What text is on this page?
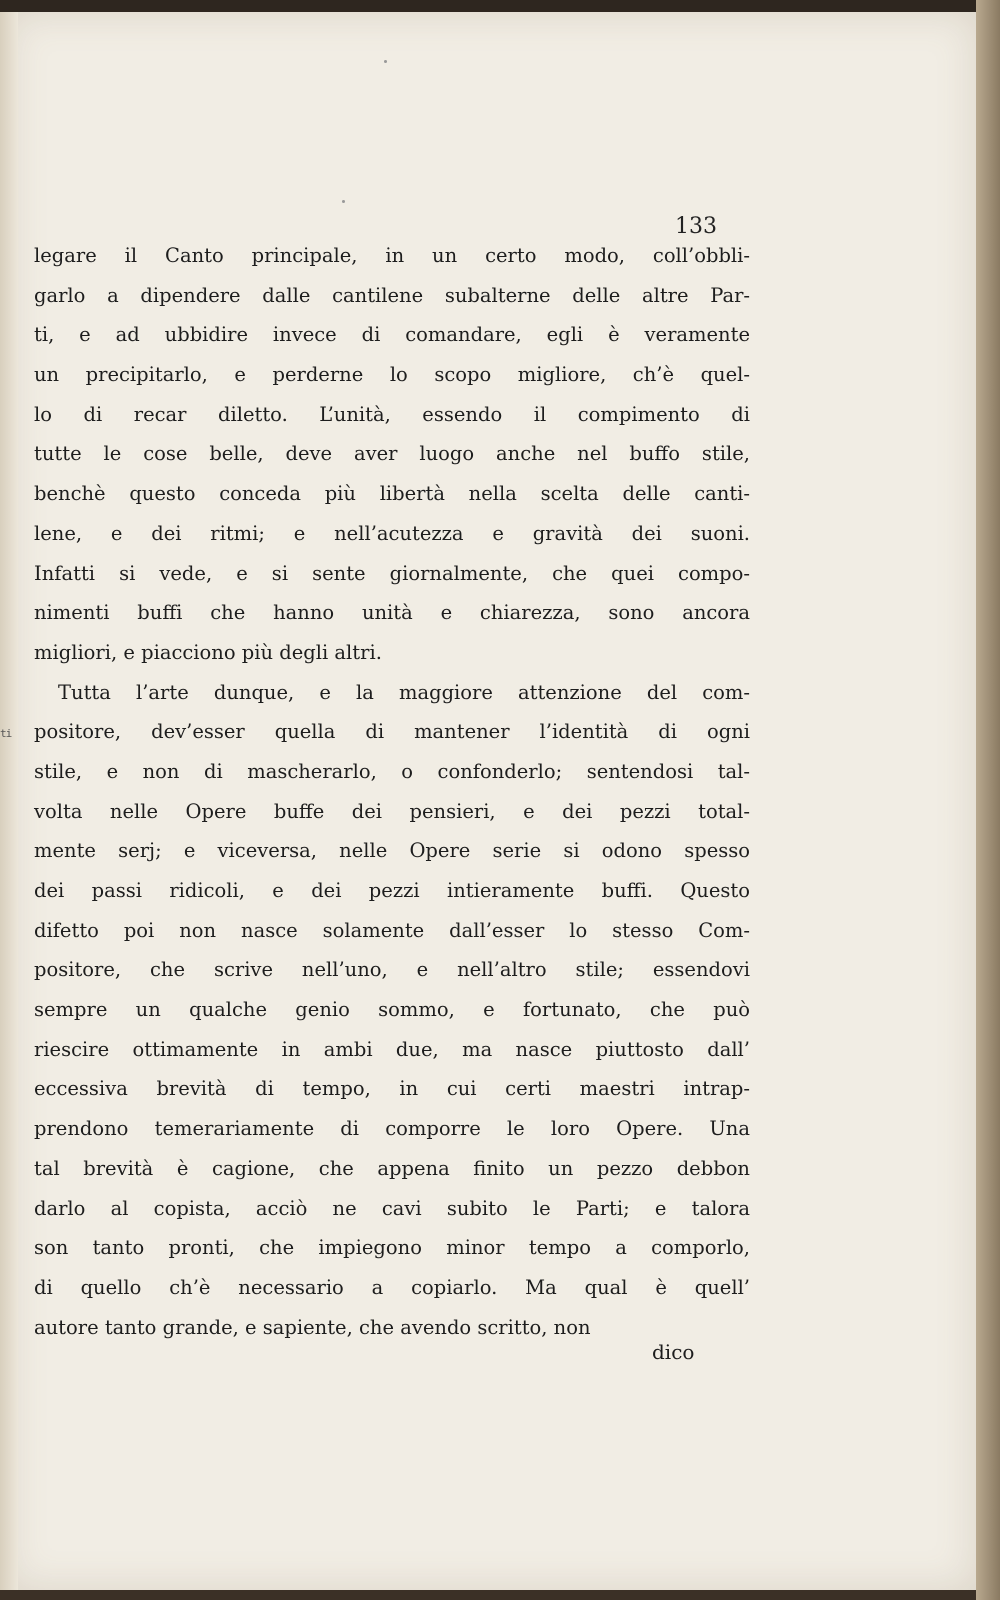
ti
133
legare il Canto principale, in un certo modo, coll’obbli-
garlo a dipendere dalle cantilene subalterne delle altre Par-
ti, e ad ubbidire invece di comandare, egli è veramente
un precipitarlo, e perderne lo scopo migliore, ch’è quel-
lo di recar diletto. L’unità, essendo il compimento di
tutte le cose belle, deve aver luogo anche nel buffo stile,
benchè questo conceda più libertà nella scelta delle canti-
lene, e dei ritmi; e nell’acutezza e gravità dei suoni.
Infatti si vede, e si sente giornalmente, che quei compo-
nimenti buffi che hanno unità e chiarezza, sono ancora
migliori, e piacciono più degli altri.
Tutta l’arte dunque, e la maggiore attenzione del com-
positore, dev’esser quella di mantener l’identità di ogni
stile, e non di mascherarlo, o confonderlo; sentendosi tal-
volta nelle Opere buffe dei pensieri, e dei pezzi total-
mente serj; e viceversa, nelle Opere serie si odono spesso
dei passi ridicoli, e dei pezzi intieramente buffi. Questo
difetto poi non nasce solamente dall’esser lo stesso Com-
positore, che scrive nell’uno, e nell’altro stile; essendovi
sempre un qualche genio sommo, e fortunato, che può
riescire ottimamente in ambi due, ma nasce piuttosto dall’
eccessiva brevità di tempo, in cui certi maestri intrap-
prendono temerariamente di comporre le loro Opere. Una
tal brevità è cagione, che appena finito un pezzo debbon
darlo al copista, acciò ne cavi subito le Parti; e talora
son tanto pronti, che impiegono minor tempo a comporlo,
di quello ch’è necessario a copiarlo. Ma qual è quell’
autore tanto grande, e sapiente, che avendo scritto, non
dico
